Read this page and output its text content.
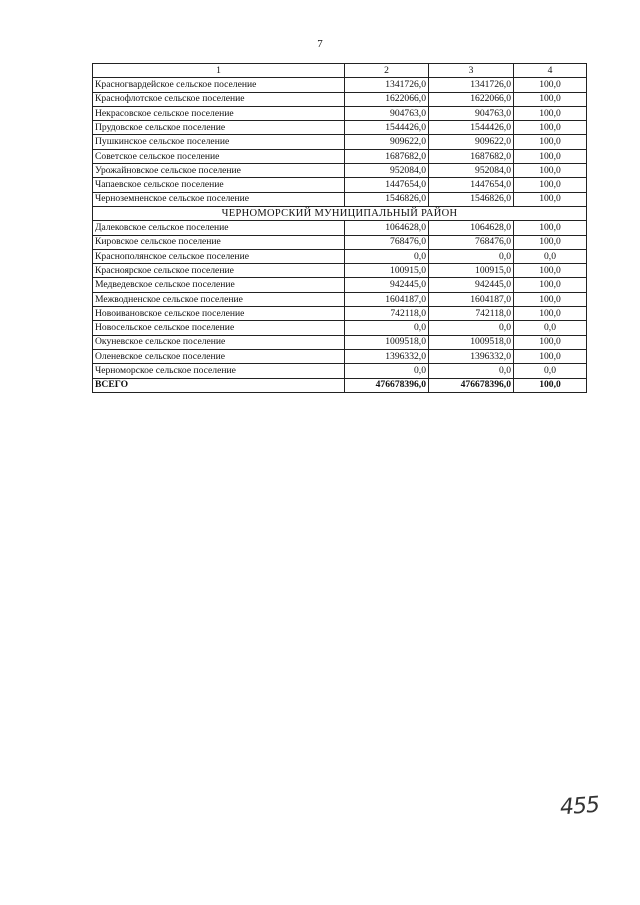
7
1	2	3	4
Красногвардейское сельское поселение	1341726,0	1341726,0	100,0
Краснофлотское сельское поселение	1622066,0	1622066,0	100,0
Некрасовское сельское поселение	904763,0	904763,0	100,0
Прудовское сельское поселение	1544426,0	1544426,0	100,0
Пушкинское сельское поселение	909622,0	909622,0	100,0
Советское сельское поселение	1687682,0	1687682,0	100,0
Урожайновское сельское поселение	952084,0	952084,0	100,0
Чапаевское сельское поселение	1447654,0	1447654,0	100,0
Черноземненское сельское поселение	1546826,0	1546826,0	100,0
ЧЕРНОМОРСКИЙ МУНИЦИПАЛЬНЫЙ РАЙОН			
Далековское сельское поселение	1064628,0	1064628,0	100,0
Кировское сельское поселение	768476,0	768476,0	100,0
Краснополянское сельское поселение	0,0	0,0	0,0
Красноярское сельское поселение	100915,0	100915,0	100,0
Медведевское сельское поселение	942445,0	942445,0	100,0
Межводненское сельское поселение	1604187,0	1604187,0	100,0
Новоивановское сельское поселение	742118,0	742118,0	100,0
Новосельское сельское поселение	0,0	0,0	0,0
Окуневское сельское поселение	1009518,0	1009518,0	100,0
Оленевское сельское поселение	1396332,0	1396332,0	100,0
Черноморское сельское поселение	0,0	0,0	0,0
ВСЕГО	476678396,0	476678396,0	100,0
455
